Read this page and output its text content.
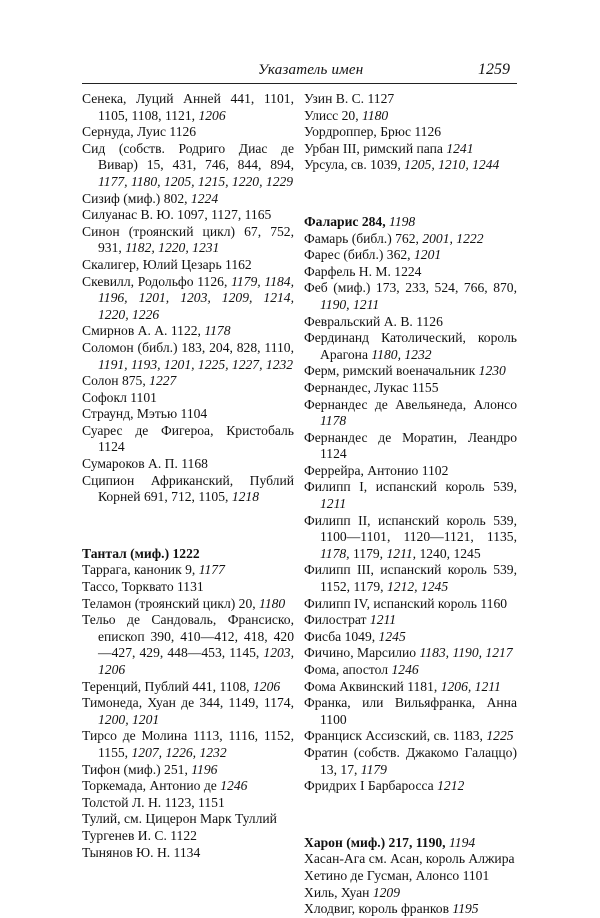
Указатель имен	1259
Сенека, Луций Анней 441, 1101, 1105, 1108, 1121, 1206
Сернуда, Луис 1126
Сид (собств. Родриго Диас де Вивар) 15, 431, 746, 844, 894, 1177, 1180, 1205, 1215, 1220, 1229
Сизиф (миф.) 802, 1224
Силуанас В. Ю. 1097, 1127, 1165
Синон (троянский цикл) 67, 752, 931, 1182, 1220, 1231
Скалигер, Юлий Цезарь 1162
Скевилл, Родольфо 1126, 1179, 1184, 1196, 1201, 1203, 1209, 1214, 1220, 1226
Смирнов А. А. 1122, 1178
Соломон (библ.) 183, 204, 828, 1110, 1191, 1193, 1201, 1225, 1227, 1232
Солон 875, 1227
Софокл 1101
Страунд, Мэтью 1104
Суарес де Фигероа, Кристобаль 1124
Сумароков А. П. 1168
Сципион Африканский, Публий Корней 691, 712, 1105, 1218
Тантал (миф.) 1222
Таррага, каноник 9, 1177
Тассо, Торквато 1131
Теламон (троянский цикл) 20, 1180
Тельо де Сандоваль, Франсиско, епископ 390, 410—412, 418, 420—427, 429, 448—453, 1145, 1203, 1206
Теренций, Публий 441, 1108, 1206
Тимонеда, Хуан де 344, 1149, 1174, 1200, 1201
Тирсо де Молина 1113, 1116, 1152, 1155, 1207, 1226, 1232
Тифон (миф.) 251, 1196
Торкемада, Антонио де 1246
Толстой Л. Н. 1123, 1151
Тулий, см. Цицерон Марк Туллий
Тургенев И. С. 1122
Тынянов Ю. Н. 1134
Узин В. С. 1127
Улисс 20, 1180
Уордроппер, Брюс 1126
Урбан III, римский папа 1241
Урсула, св. 1039, 1205, 1210, 1244
Фаларис 284, 1198
Фамарь (библ.) 762, 2001, 1222
Фарес (библ.) 362, 1201
Фарфель Н. М. 1224
Феб (миф.) 173, 233, 524, 766, 870, 1190, 1211
Февральский А. В. 1126
Фердинанд Католический, король Арагона 1180, 1232
Ферм, римский военачальник 1230
Фернандес, Лукас 1155
Фернандес де Авельянеда, Алонсо 1178
Фернандес де Моратин, Леандро 1124
Феррейра, Антонио 1102
Филипп I, испанский король 539, 1211
Филипп II, испанский король 539, 1100—1101, 1120—1121, 1135, 1178, 1179, 1211, 1240, 1245
Филипп III, испанский король 539, 1152, 1179, 1212, 1245
Филипп IV, испанский король 1160
Филострат 1211
Фисба 1049, 1245
Фичино, Марсилио 1183, 1190, 1217
Фома, апостол 1246
Фома Аквинский 1181, 1206, 1211
Франка, или Вильяфранка, Анна 1100
Франциск Ассизский, св. 1183, 1225
Фратин (собств. Джакомо Галаццо) 13, 17, 1179
Фридрих I Барбаросса 1212
Харон (миф.) 217, 1190, 1194
Хасан-Ага см. Асан, король Алжира
Хетино де Гусман, Алонсо 1101
Хиль, Хуан 1209
Хлодвиг, король франков 1195
